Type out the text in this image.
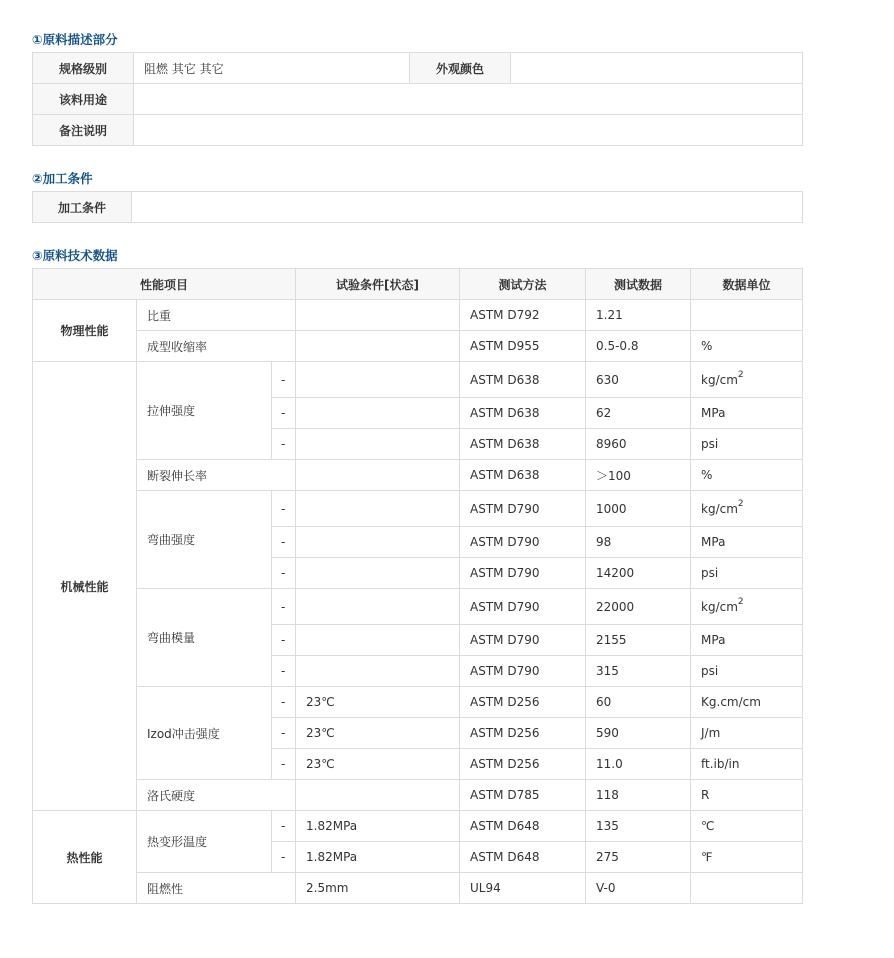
①原料描述部分
规格级别	阻燃 其它 其它	外观颜色	
该料用途			
备注说明			
②加工条件
加工条件	
③原料技术数据
性能项目			试验条件[状态]	测试方法	测试数据	数据单位
物理性能	比重			ASTM D792	1.21	
	成型收缩率			ASTM D955	0.5-0.8	%
机械性能	拉伸强度	-		ASTM D638	630	$kg/cm^2$
		-		ASTM D638	62	MPa
		-		ASTM D638	8960	psi
	断裂伸长率			ASTM D638	＞100	%
	弯曲强度	-		ASTM D790	1000	$kg/cm^2$
		-		ASTM D790	98	MPa
		-		ASTM D790	14200	psi
	弯曲模量	-		ASTM D790	22000	$kg/cm^2$
		-		ASTM D790	2155	MPa
		-		ASTM D790	315	psi
	Izod冲击强度	-	23℃	ASTM D256	60	Kg.cm/cm
		-	23℃	ASTM D256	590	J/m
		-	23℃	ASTM D256	11.0	ft.ib/in
	洛氏硬度			ASTM D785	118	R
热性能	热变形温度	-	1.82MPa	ASTM D648	135	℃
		-	1.82MPa	ASTM D648	275	℉
	阻燃性		2.5mm	UL94	V-0	
